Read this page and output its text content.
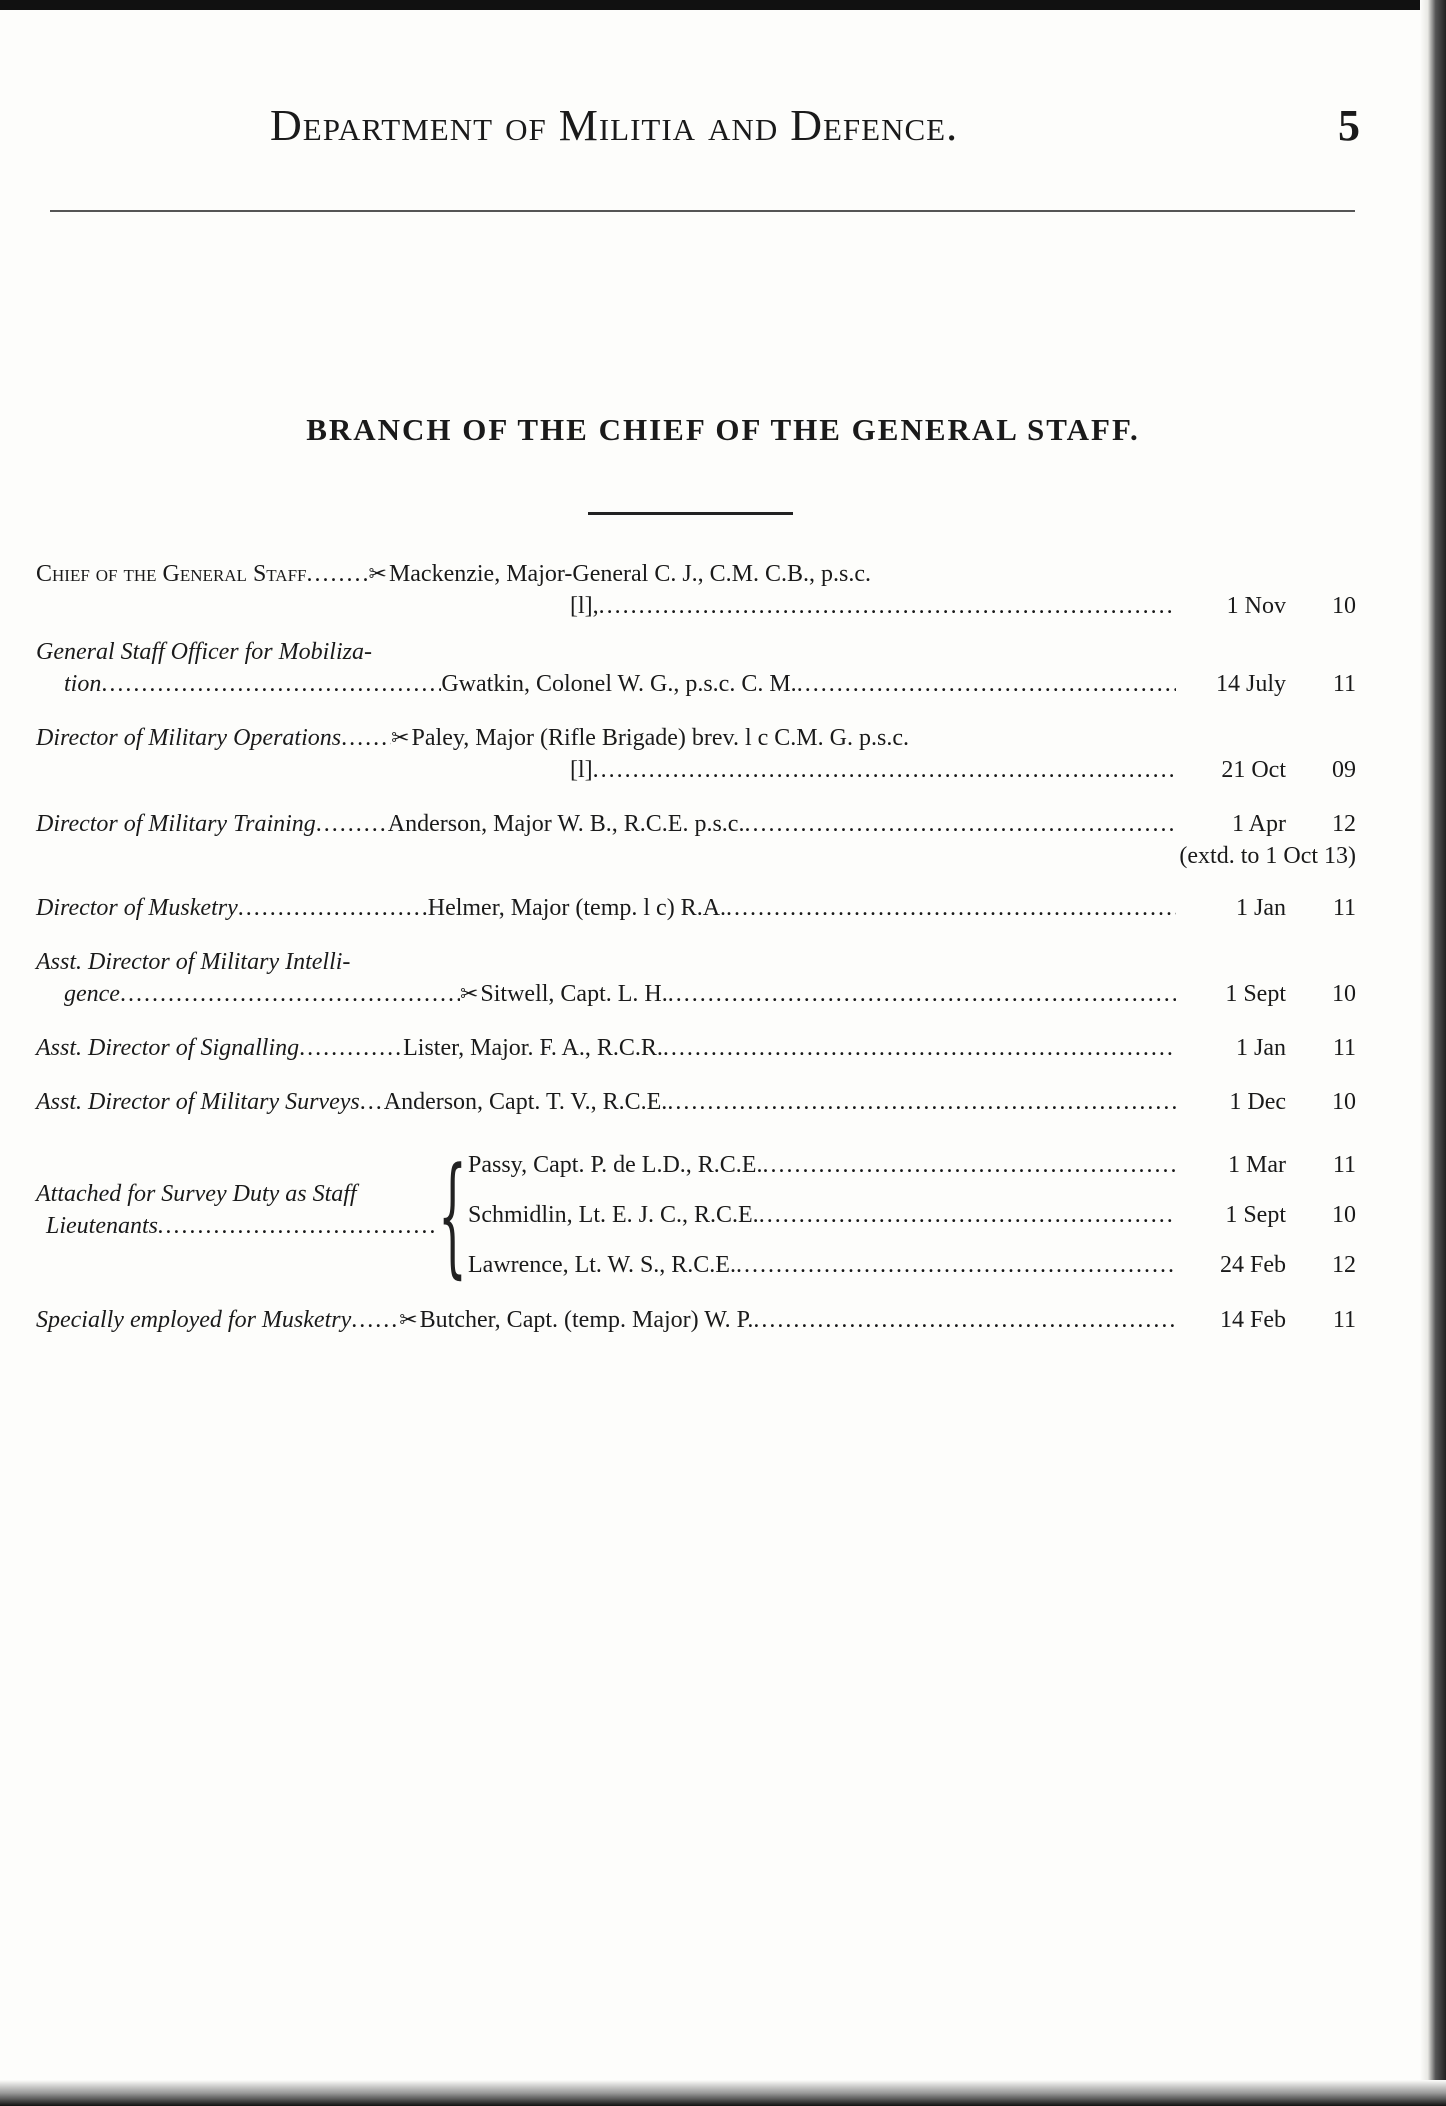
Department of Militia and Defence.	5
BRANCH OF THE CHIEF OF THE GENERAL STAFF.
Chief of the General Staff .....	✂ Mackenzie, Major-General C. J., C.M. C.B., p.s.c.
[l], .....	1 Nov	10
General Staff Officer for Mobiliza-
tion .....	Gwatkin, Colonel W. G., p.s.c. C. M. .....	14 July	11
Director of Military Operations ..... ✂ Paley, Major (Rifle Brigade) brev. l c C.M. G. p.s.c.
[l] .....	21 Oct	09
Director of Military Training .....	Anderson, Major W. B., R.C.E. p.s.c. .....	1 Apr	12
(extd. to 1 Oct 13)
Director of Musketry .....	Helmer, Major (temp. l c) R.A. .....	1 Jan	11
Asst. Director of Military Intelli-
gence .....	✂ Sitwell, Capt. L. H. .....	1 Sept	10
Asst. Director of Signalling .....	Lister, Major. F. A., R.C.R. .....	1 Jan	11
Asst. Director of Military Surveys ..... Anderson, Capt. T. V., R.C.E. .....	1 Dec	10
Attached for Survey Duty as Staff
Lieutenants ..... { Passy, Capt. P. de L.D., R.C.E. .....	1 Mar	11
Schmidlin, Lt. E. J. C., R.C.E. .....	1 Sept	10
Lawrence, Lt. W. S., R.C.E. .....	24 Feb	12
Specially employed for Musketry ..... ✂ Butcher, Capt. (temp. Major) W. P. .....	14 Feb	11
